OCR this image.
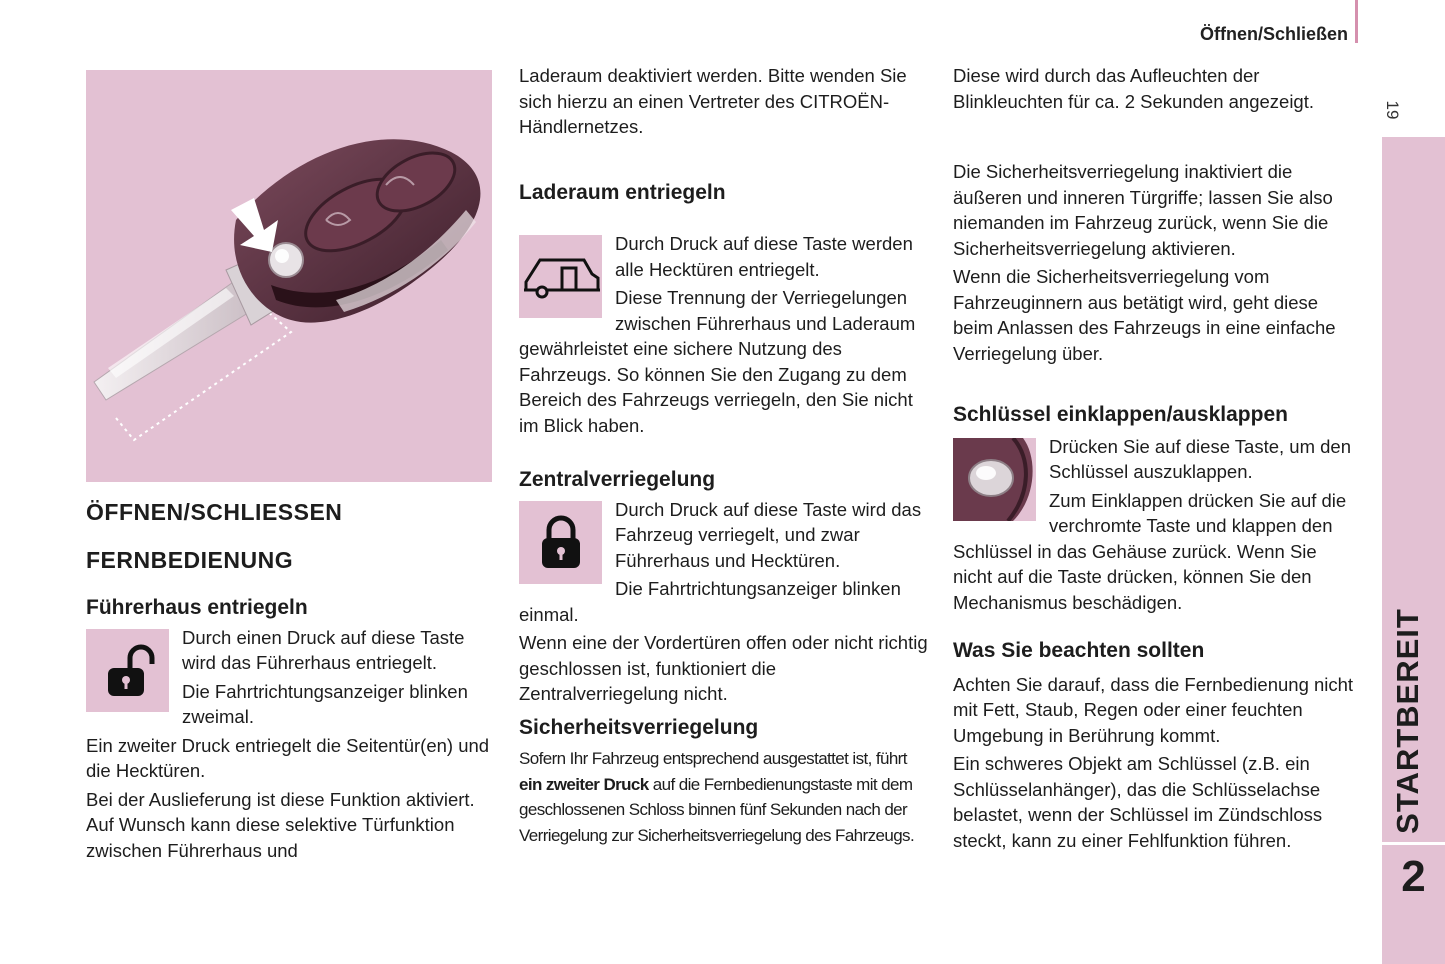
Öffnen/Schließen
19
STARTBEREIT
2

ÖFFNEN/SCHLIESSEN

FERNBEDIENUNG

Führerhaus entriegeln

Durch einen Druck auf diese Taste wird das Führerhaus entriegelt.

Die Fahrtrichtungsanzeiger blinken zweimal.

Ein zweiter Druck entriegelt die Seitentür(en) und die Hecktüren.

Bei der Auslieferung ist diese Funktion aktiviert. Auf Wunsch kann diese selektive Türfunktion zwischen Führerhaus und

Laderaum deaktiviert werden. Bitte wenden Sie sich hierzu an einen Vertreter des CITROËN-Händlernetzes.

Laderaum entriegeln

Durch Druck auf diese Taste werden alle Hecktüren entriegelt.

Diese Trennung der Verriegelungen zwischen Führerhaus und Laderaum gewährleistet eine sichere Nutzung des Fahrzeugs. So können Sie den Zugang zu dem Bereich des Fahrzeugs verriegeln, den Sie nicht im Blick haben.

Zentralverriegelung

Durch Druck auf diese Taste wird das Fahrzeug verriegelt, und zwar Führerhaus und Hecktüren.

Die Fahrtrichtungsanzeiger blinken einmal.

Wenn eine der Vordertüren offen oder nicht richtig geschlossen ist, funktioniert die Zentralverriegelung nicht.

Sicherheitsverriegelung

Sofern Ihr Fahrzeug entsprechend ausgestattet ist, führt ein zweiter Druck auf die Fernbedienungstaste mit dem geschlossenen Schloss binnen fünf Sekunden nach der Verriegelung zur Sicherheitsverriegelung des Fahrzeugs.

Diese wird durch das Aufleuchten der Blinkleuchten für ca. 2 Sekunden angezeigt.

Die Sicherheitsverriegelung inaktiviert die äußeren und inneren Türgriffe; lassen Sie also niemanden im Fahrzeug zurück, wenn Sie die Sicherheitsverriegelung aktivieren.

Wenn die Sicherheitsverriegelung vom Fahrzeuginnern aus betätigt wird, geht diese beim Anlassen des Fahrzeugs in eine einfache Verriegelung über.

Schlüssel einklappen/ausklappen

Drücken Sie auf diese Taste, um den Schlüssel auszuklappen.

Zum Einklappen drücken Sie auf die verchromte Taste und klappen den Schlüssel in das Gehäuse zurück. Wenn Sie nicht auf die Taste drücken, können Sie den Mechanismus beschädigen.

Was Sie beachten sollten

Achten Sie darauf, dass die Fernbedienung nicht mit Fett, Staub, Regen oder einer feuchten Umgebung in Berührung kommt.

Ein schweres Objekt am Schlüssel (z.B. ein Schlüsselanhänger), das die Schlüsselachse belastet, wenn der Schlüssel im Zündschloss steckt, kann zu einer Fehlfunktion führen.
